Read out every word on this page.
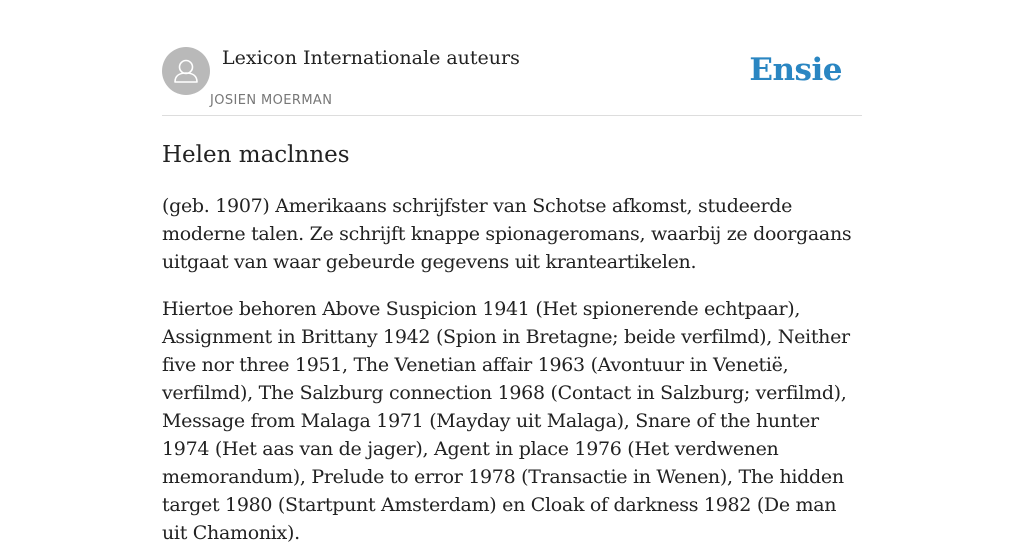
Lexicon Internationale auteurs
JOSIEN MOERMAN
Ensie
Helen maclnnes

(geb. 1907) Amerikaans schrijfster van Schotse afkomst, studeerde moderne talen. Ze schrijft knappe spionageromans, waarbij ze doorgaans uitgaat van waar gebeurde gegevens uit kranteartikelen.

Hiertoe behoren Above Suspicion 1941 (Het spionerende echtpaar), Assignment in Brittany 1942 (Spion in Bretagne; beide verfilmd), Neither five nor three 1951, The Venetian affair 1963 (Avontuur in Venetië, verfilmd), The Salzburg connection 1968 (Contact in Salzburg; verfilmd), Message from Malaga 1971 (Mayday uit Malaga), Snare of the hunter 1974 (Het aas van de jager), Agent in place 1976 (Het verdwenen memorandum), Prelude to error 1978 (Transactie in Wenen), The hidden target 1980 (Startpunt Amsterdam) en Cloak of darkness 1982 (De man uit Chamonix).
